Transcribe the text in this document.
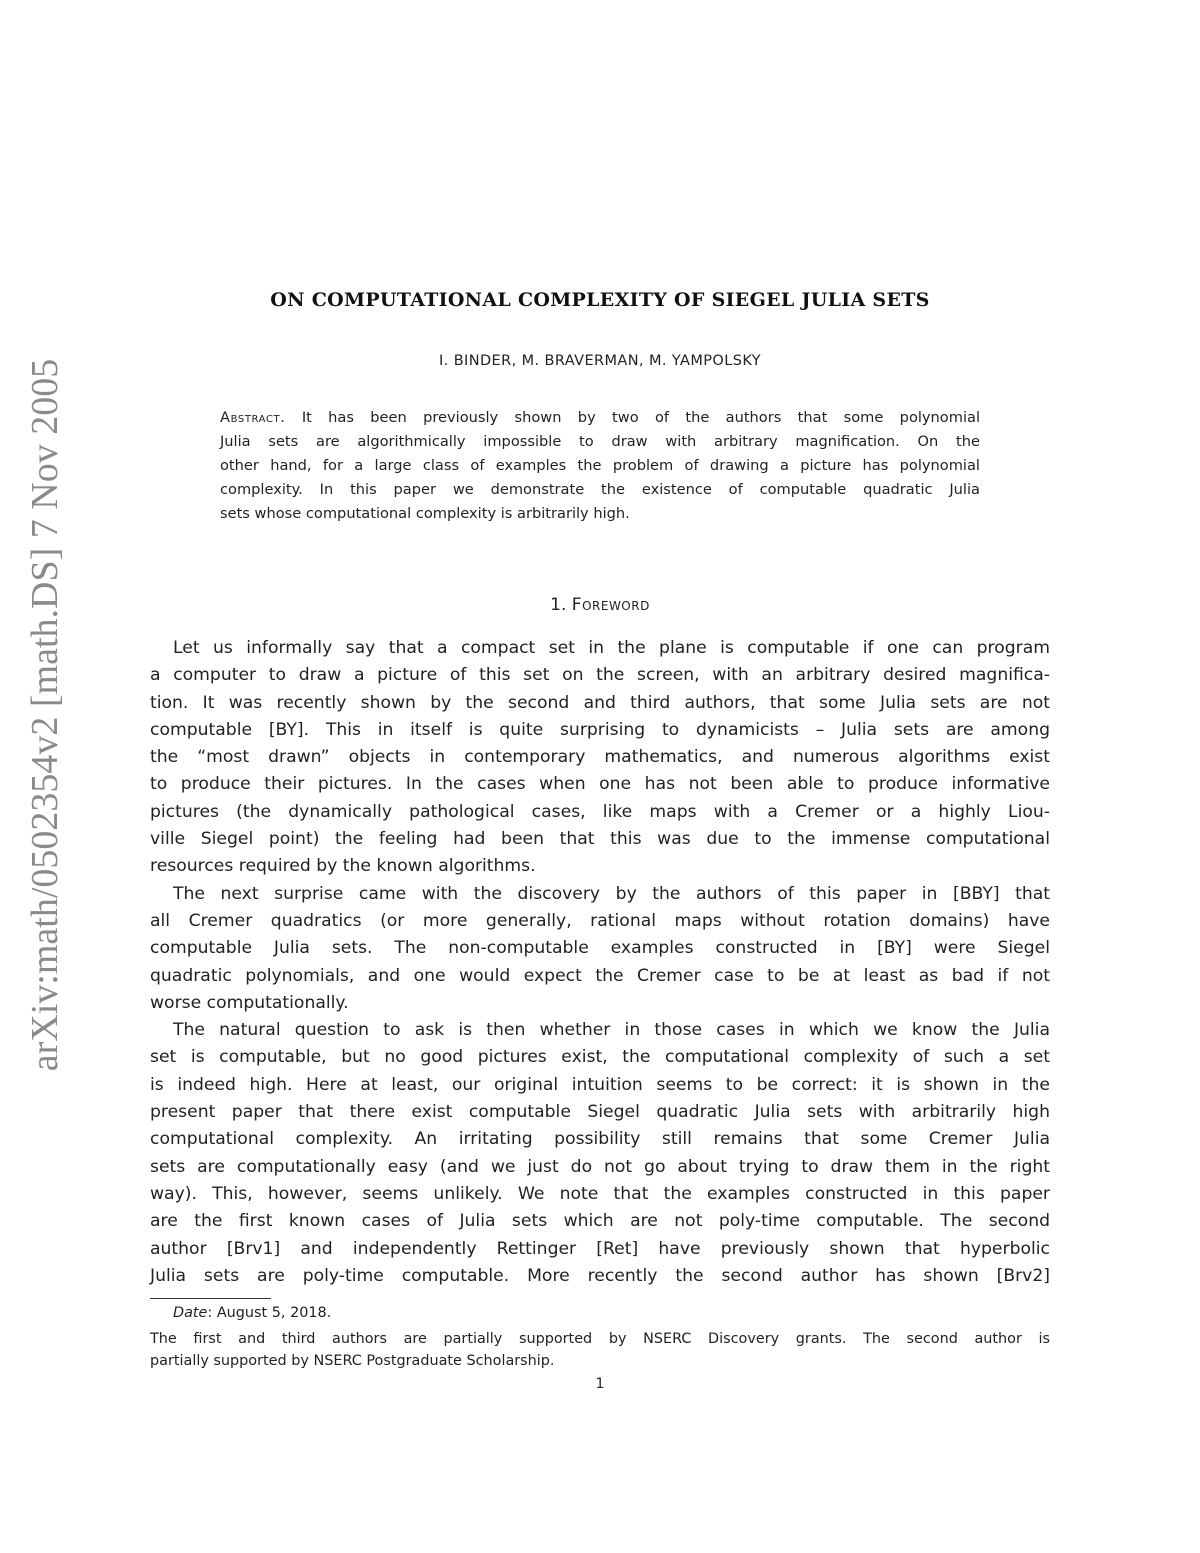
arXiv:math/0502354v2 [math.DS] 7 Nov 2005
ON COMPUTATIONAL COMPLEXITY OF SIEGEL JULIA SETS
I. BINDER, M. BRAVERMAN, M. YAMPOLSKY
Abstract. It has been previously shown by two of the authors that some polynomial
Julia sets are algorithmically impossible to draw with arbitrary magnification. On the
other hand, for a large class of examples the problem of drawing a picture has polynomial
complexity. In this paper we demonstrate the existence of computable quadratic Julia
sets whose computational complexity is arbitrarily high.
1. Foreword
Let us informally say that a compact set in the plane is computable if one can program
a computer to draw a picture of this set on the screen, with an arbitrary desired magnifica-
tion. It was recently shown by the second and third authors, that some Julia sets are not
computable [BY]. This in itself is quite surprising to dynamicists – Julia sets are among
the “most drawn” objects in contemporary mathematics, and numerous algorithms exist
to produce their pictures. In the cases when one has not been able to produce informative
pictures (the dynamically pathological cases, like maps with a Cremer or a highly Liou-
ville Siegel point) the feeling had been that this was due to the immense computational
resources required by the known algorithms.
The next surprise came with the discovery by the authors of this paper in [BBY] that
all Cremer quadratics (or more generally, rational maps without rotation domains) have
computable Julia sets. The non-computable examples constructed in [BY] were Siegel
quadratic polynomials, and one would expect the Cremer case to be at least as bad if not
worse computationally.
The natural question to ask is then whether in those cases in which we know the Julia
set is computable, but no good pictures exist, the computational complexity of such a set
is indeed high. Here at least, our original intuition seems to be correct: it is shown in the
present paper that there exist computable Siegel quadratic Julia sets with arbitrarily high
computational complexity. An irritating possibility still remains that some Cremer Julia
sets are computationally easy (and we just do not go about trying to draw them in the right
way). This, however, seems unlikely. We note that the examples constructed in this paper
are the first known cases of Julia sets which are not poly-time computable. The second
author [Brv1] and independently Rettinger [Ret] have previously shown that hyperbolic
Julia sets are poly-time computable. More recently the second author has shown [Brv2]
Date: August 5, 2018.
The first and third authors are partially supported by NSERC Discovery grants. The second author is
partially supported by NSERC Postgraduate Scholarship.
1
